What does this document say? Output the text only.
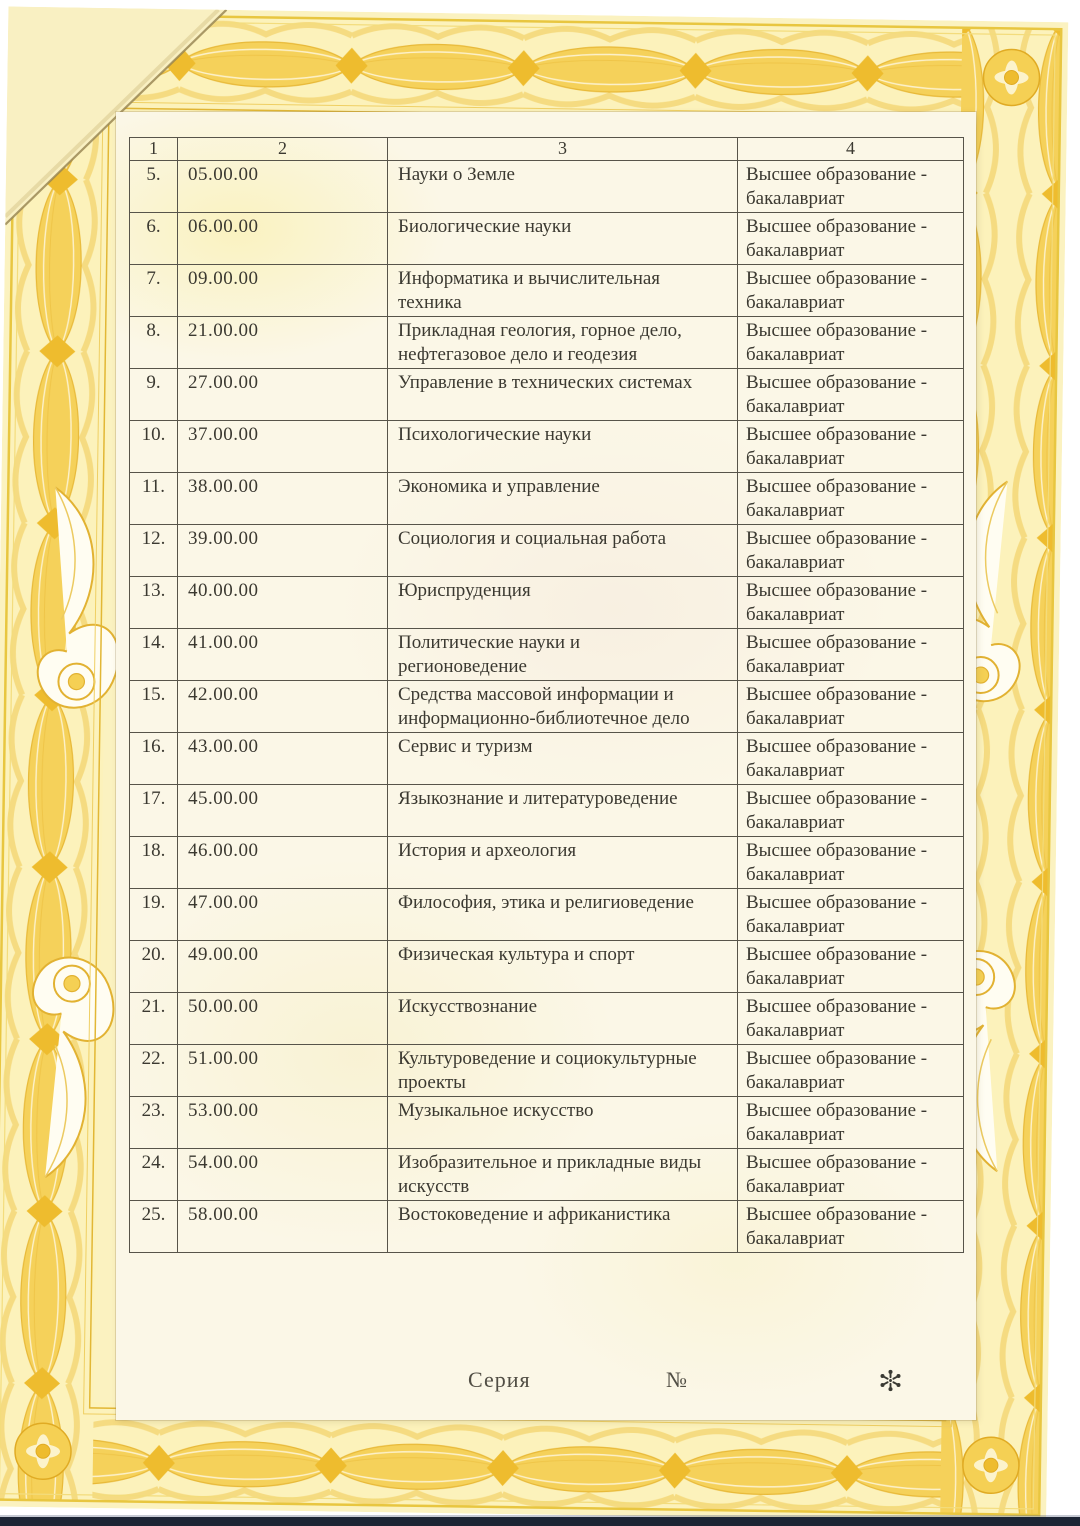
1	2	3	4
5.	05.00.00	Науки о Земле	Высшее образование - бакалавриат
6.	06.00.00	Биологические науки	Высшее образование - бакалавриат
7.	09.00.00	Информатика и вычислительная техника	Высшее образование - бакалавриат
8.	21.00.00	Прикладная геология, горное дело, нефтегазовое дело и геодезия	Высшее образование - бакалавриат
9.	27.00.00	Управление в технических системах	Высшее образование - бакалавриат
10.	37.00.00	Психологические науки	Высшее образование - бакалавриат
11.	38.00.00	Экономика и управление	Высшее образование - бакалавриат
12.	39.00.00	Социология и социальная работа	Высшее образование - бакалавриат
13.	40.00.00	Юриспруденция	Высшее образование - бакалавриат
14.	41.00.00	Политические науки и регионоведение	Высшее образование - бакалавриат
15.	42.00.00	Средства массовой информации и информационно-библиотечное дело	Высшее образование - бакалавриат
16.	43.00.00	Сервис и туризм	Высшее образование - бакалавриат
17.	45.00.00	Языкознание и литературоведение	Высшее образование - бакалавриат
18.	46.00.00	История и археология	Высшее образование - бакалавриат
19.	47.00.00	Философия, этика и религиоведение	Высшее образование - бакалавриат
20.	49.00.00	Физическая культура и спорт	Высшее образование - бакалавриат
21.	50.00.00	Искусствознание	Высшее образование - бакалавриат
22.	51.00.00	Культуроведение и социокультурные проекты	Высшее образование - бакалавриат
23.	53.00.00	Музыкальное искусство	Высшее образование - бакалавриат
24.	54.00.00	Изобразительное и прикладные виды искусств	Высшее образование - бакалавриат
25.	58.00.00	Востоковедение и африканистика	Высшее образование - бакалавриат
Серия	№
